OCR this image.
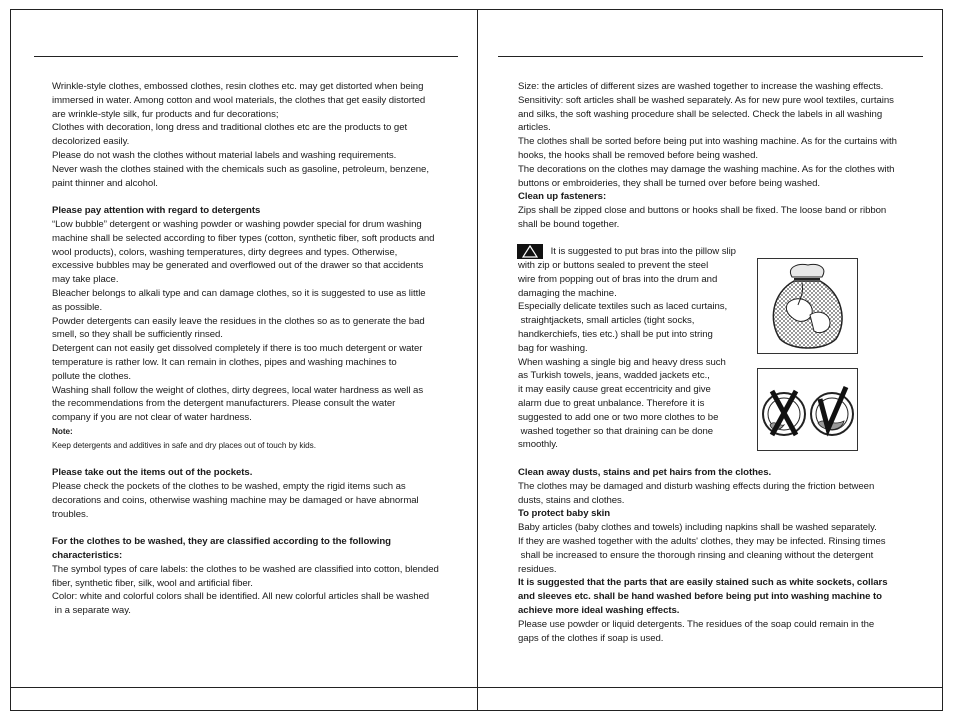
Wrinkle-style clothes, embossed clothes, resin clothes etc. may get distorted when being

immersed in water. Among cotton and wool materials, the clothes that get easily distorted

are wrinkle-style silk, fur products and fur decorations;

Clothes with decoration, long dress and traditional clothes etc are the products to get

decolorized easily.

Please do not wash the clothes without material labels and washing requirements.

Never wash the clothes stained with the chemicals such as gasoline, petroleum, benzene,

paint thinner and alcohol.

Please pay attention with regard to detergents

“Low bubble” detergent or washing powder or washing powder special for drum washing

machine shall be selected according to fiber types (cotton, synthetic fiber, soft products and

wool products), colors, washing temperatures, dirty degrees and types. Otherwise,

excessive bubbles may be generated and overflowed out of the drawer so that accidents

may take place.

Bleacher belongs to alkali type and can damage clothes, so it is suggested to use as little

as possible.

Powder detergents can easily leave the residues in the clothes so as to generate the bad

smell, so they shall be sufficiently rinsed.

Detergent can not easily get dissolved completely if there is too much detergent or water

temperature is rather low. It can remain in clothes, pipes and washing machines to

pollute the clothes.

Washing shall follow the weight of clothes, dirty degrees, local water hardness as well as

the recommendations from the detergent manufacturers. Please consult the water

company if you are not clear of water hardness.

Note:

Keep detergents and additives in safe and dry places out of touch by kids.

Please take out the items out of the pockets.

Please check the pockets of the clothes to be washed, empty the rigid items such as

decorations and coins, otherwise washing machine may be damaged or have abnormal

troubles.

For the clothes to be washed, they are classified according to the following

characteristics:

The symbol types of care labels: the clothes to be washed are classified into cotton, blended

fiber, synthetic fiber, silk, wool and artificial fiber.

Color: white and colorful colors shall be identified. All new colorful articles shall be washed

in a separate way.

Size: the articles of different sizes are washed together to increase the washing effects.

Sensitivity: soft articles shall be washed separately. As for new pure wool textiles, curtains

and silks, the soft washing procedure shall be selected. Check the labels in all washing

articles.

The clothes shall be sorted before being put into washing machine. As for the curtains with

hooks, the hooks shall be removed before being washed.

The decorations on the clothes may damage the washing machine. As for the clothes with

buttons or embroideries, they shall be turned over before being washed.

Clean up fasteners:

Zips shall be zipped close and buttons or hooks shall be fixed. The loose band or ribbon

shall be bound together.

It is suggested to put bras into the pillow slip

with zip or buttons sealed to prevent the steel

wire from popping out of bras into the drum and

damaging the machine.

Especially delicate textiles such as laced curtains,

straightjackets, small articles (tight socks,

handkerchiefs, ties etc.) shall be put into string

bag for washing.

When washing a single big and heavy dress such

as Turkish towels, jeans, wadded jackets etc.,

it may easily cause great eccentricity and give

alarm due to great unbalance. Therefore it is

suggested to add one or two more clothes to be

washed together so that draining can be done

smoothly.

Clean away dusts, stains and pet hairs from the clothes.

The clothes may be damaged and disturb washing effects during the friction between

dusts, stains and clothes.

To protect baby skin

Baby articles (baby clothes and towels) including napkins shall be washed separately.

If they are washed together with the adults' clothes, they may be infected. Rinsing times

shall be increased to ensure the thorough rinsing and cleaning without the detergent

residues.

It is suggested that the parts that are easily stained such as white sockets, collars

and sleeves etc. shall be hand washed before being put into washing machine to

achieve more ideal washing effects.

Please use powder or liquid detergents. The residues of the soap could remain in the

gaps of the clothes if soap is used.
